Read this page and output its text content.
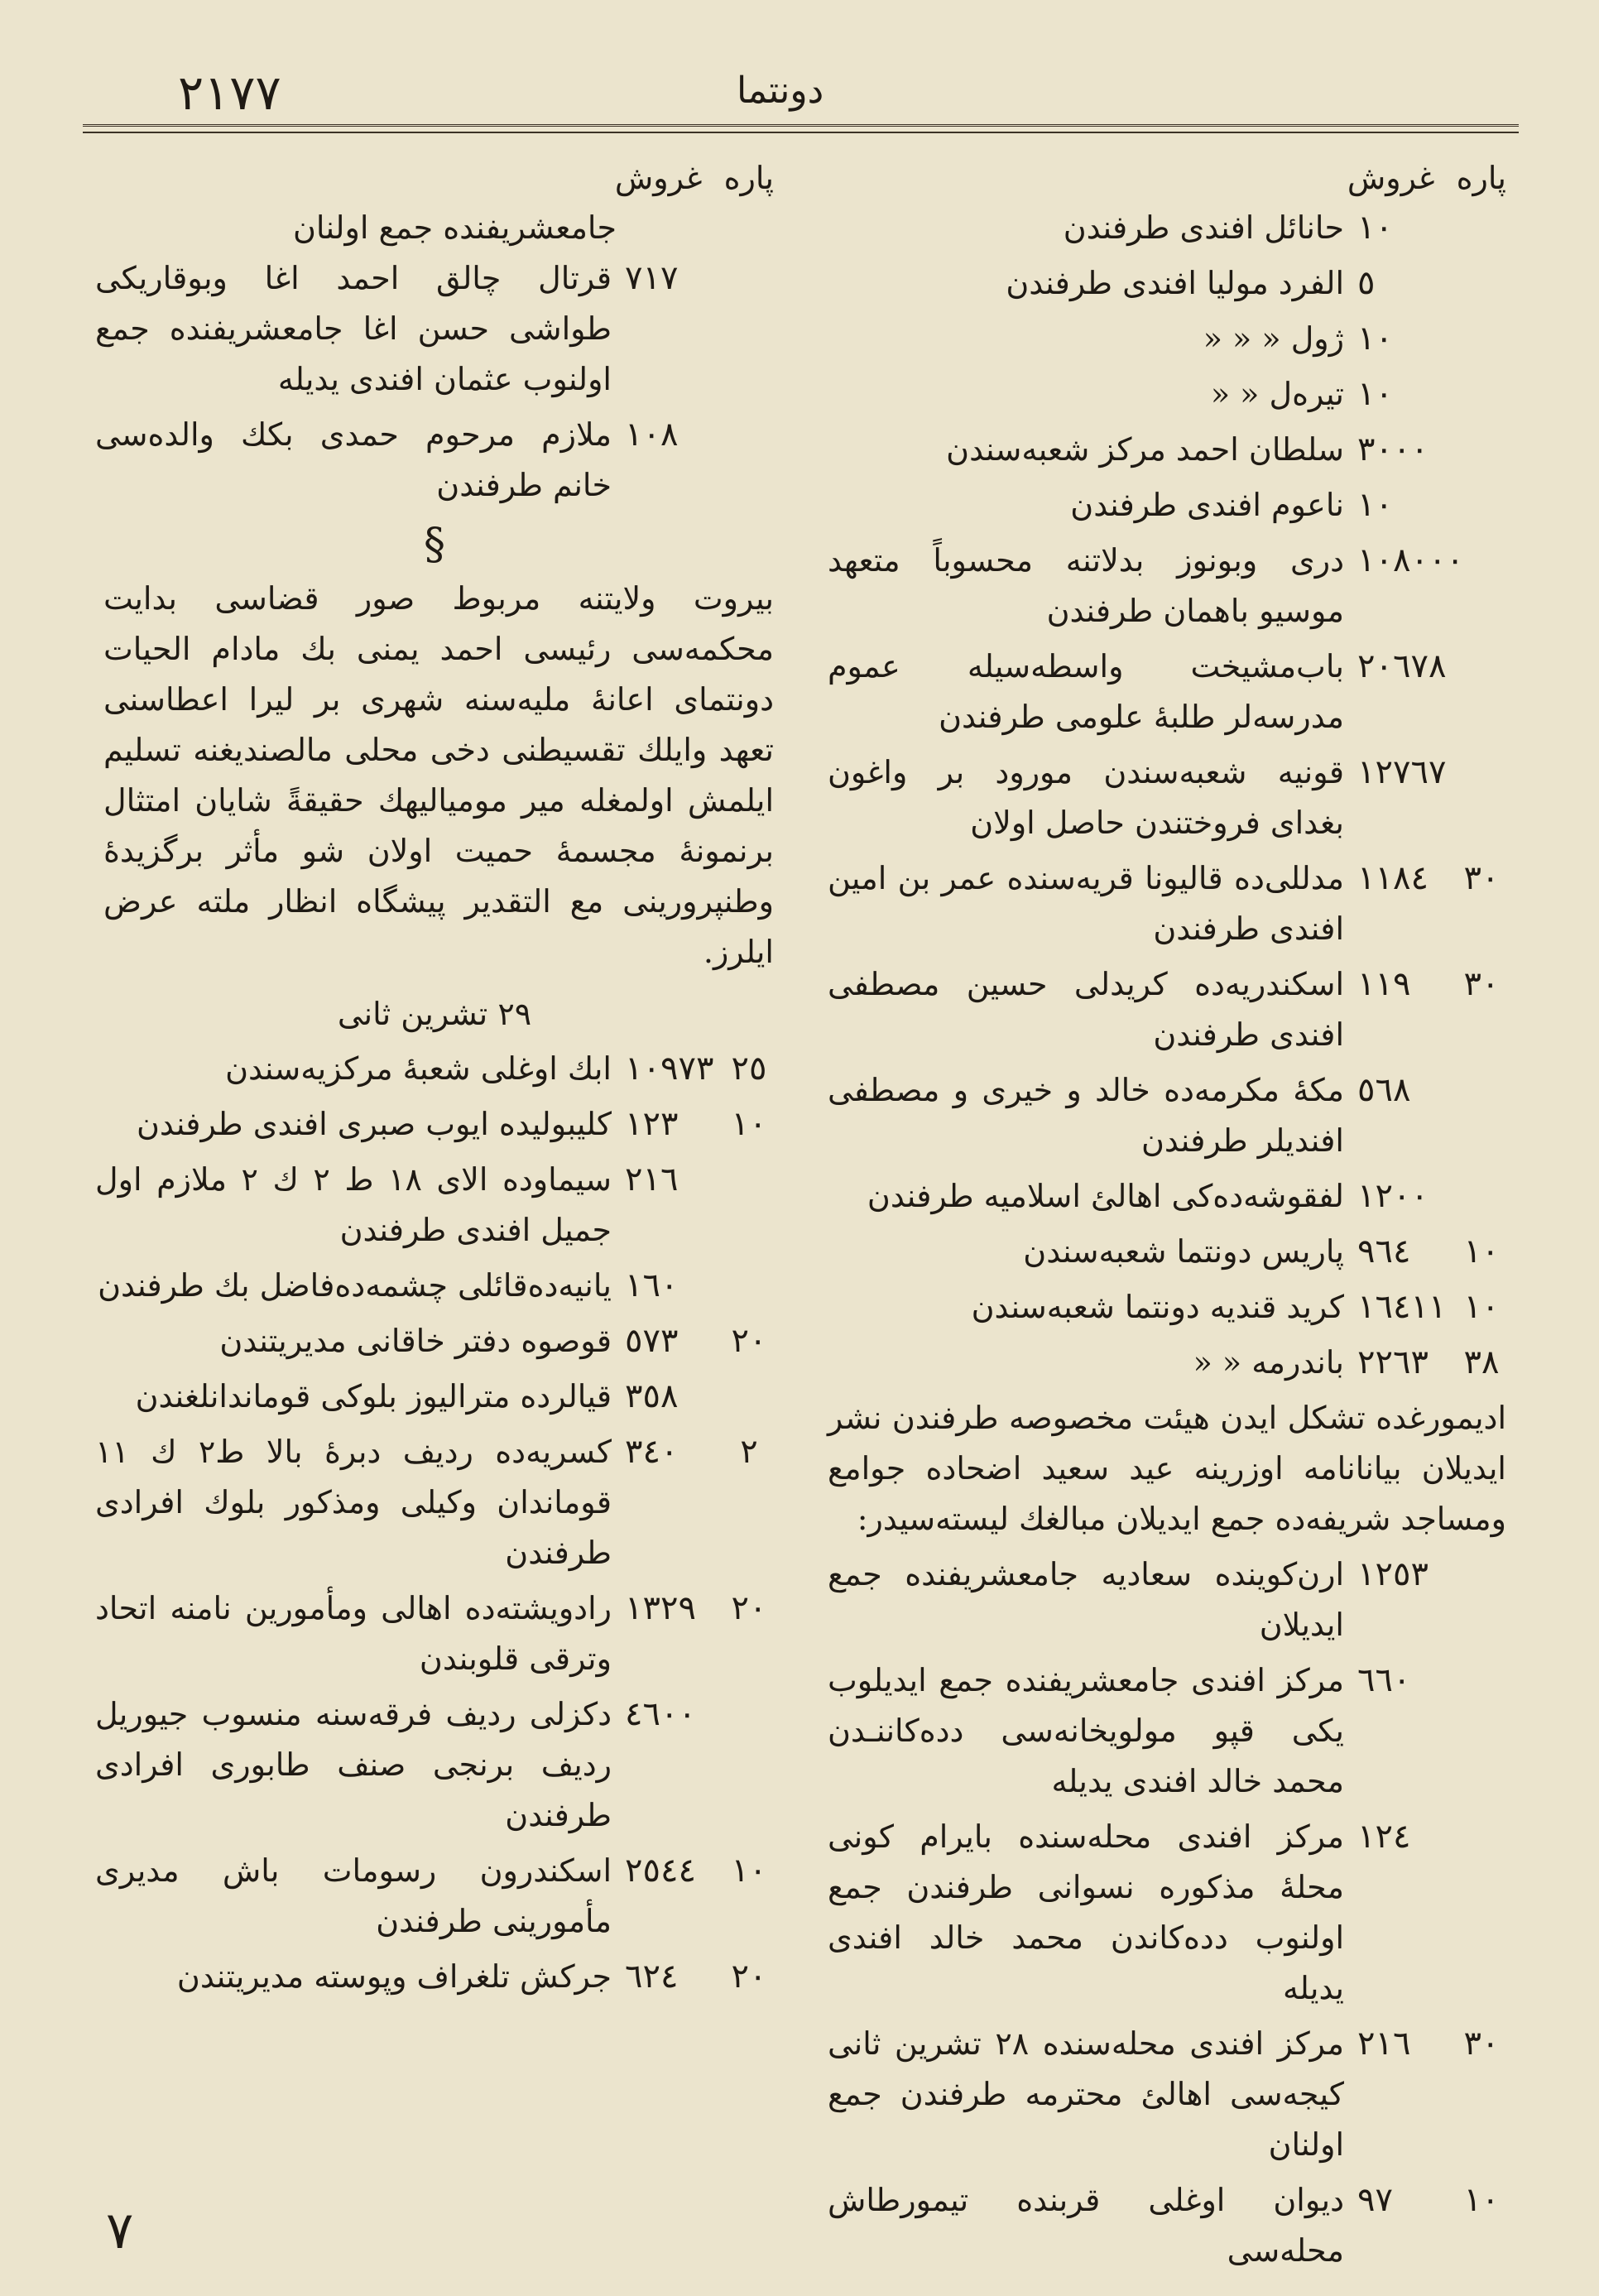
۲۱۷۷	دونتما
پاره غروش
۱۰
حانائل افندی طرفندن
٥
الفرد موليا افندی طرفندن
۱۰
ژول « « «
۱۰
تیره‌ل « «
۳۰۰۰
سلطان احمد مرکز شعبه‌سندن
۱۰
ناعوم افندی طرفندن
۱۰۸۰۰۰
درى وبونوز بدلاتنه محسوباً متعهد موسيو باهمان طرفندن
۲۰٦۷۸
باب‌مشيخت واسطه‌سيله عموم مدرسه‌لر طلبهٔ علومی طرفندن
۱۲۷٦۷
قونيه شعبه‌سندن مورود بر واغون بغدای فروختندن حاصل اولان
۳۰
۱۱۸٤
مدللی‌ده قاليونا قريه‌سنده عمر بن امين افندی طرفندن
۳۰
۱۱۹
اسکندريه‌ده کريدلی حسين مصطفی افندی طرفندن
٥٦۸
مکهٔ مکرمه‌ده خالد و خيری و مصطفی افنديلر طرفندن
۱۲۰۰
لفقوشه‌ده‌کی اهالئ اسلاميه طرفندن
۱۰
۹٦٤
پاريس دونتما شعبه‌سندن
۱۰
۱٦٤۱۱
کريد قنديه دونتما شعبه‌سندن
۳۸
۲۲٦۳
باندرمه « «
اديمورغده تشکل ايدن هيئت مخصوصه طرفندن نشر ايديلان بيانانامه اوزرينه عيد سعيد اضحاده جوامع ومساجد شريفه‌ده جمع ايديلان مبالغك ليسته‌سيدر:
۱۲٥۳
ارن‌کوينده سعاديه جامعشريفنده جمع ايديلان
٦٦۰
مرکز افندی جامعشريفنده جمع ايديلوب يکی قپو مولويخانه‌سی دده‌کاننـدن محمد خالد افندی يديله
۱۲٤
مرکز افندی محله‌سنده بايرام کونی محلهٔ مذکوره نسوانی طرفندن جمع اولنوب دده‌کاندن محمد خالد افندی يديله
۳۰
۲۱٦
مرکز افندی محله‌سنده ۲۸ تشرين ثانی کيجه‌سی اهالئ محترمه طرفندن جمع اولنان
۱۰
۹۷
ديوان اوغلی قربنده تيمورطاش محله‌سی
پاره غروش
جامعشريفنده جمع اولنان
۷۱۷
قرتال چالق احمد اغا وبوقاريکی طواشی حسن اغا جامعشريفنده جمع اولنوب عثمان افندی يديله
۱۰۸
ملازم مرحوم حمدی بکك والده‌سی خانم طرفندن
§
بيروت ولايتنه مربوط صور قضاسی بدايت محکمه‌سی رئيسی احمد يمنی بك مادام الحيات دونتمای اعانهٔ مليه‌سنه شهری بر ليرا اعطاسنی تعهد وايلك تقسيطنی دخی محلی مالصنديغنه تسليم ايلمش اولمغله مير موميالیهك حقيقةً شايان امتثال برنمونهٔ مجسمهٔ حميت اولان شو مأثر برگزيدهٔ وطنپرورينی مع التقدير پيشگاه انظار ملته عرض ايلرز.
۲۹ تشرين ثانی
۲٥
۱۰۹۷۳
ابك اوغلی شعبهٔ مرکزيه‌سندن
۱۰
۱۲۳
کليبوليده ايوب صبری افندی طرفندن
۲۱٦
سيماوده الای ۱۸ ط ۲ ك ۲ ملازم اول جميل افندی طرفندن
۱٦۰
يانيه‌ده‌قائلی چشمه‌ده‌فاضل بك طرفندن
۲۰
٥۷۳
قوصوه دفتر خاقانی مديريتندن
۳٥۸
قيالرده مترالیوز بلوکی قوماندانلغندن
۲
۳٤۰
کسريه‌ده رديف دبرهٔ بالا ط۲ ك ۱۱ قوماندان وکيلی ومذکور بلوك افرادی طرفندن
۲۰
۱۳۲۹
رادويشته‌ده اهالی ومأمورين نامنه اتحاد وترقی قلوبندن
٤٦۰۰
دکزلی رديف فرقه‌سنه منسوب جيوريل رديف برنجی صنف طابوری افرادی طرفندن
۱۰
۲٥٤٤
اسکندرون رسومات باش مديری مأمورينی طرفندن
۲۰
٦۲٤
جرکش تلغراف وپوسته مديريتندن
۷
